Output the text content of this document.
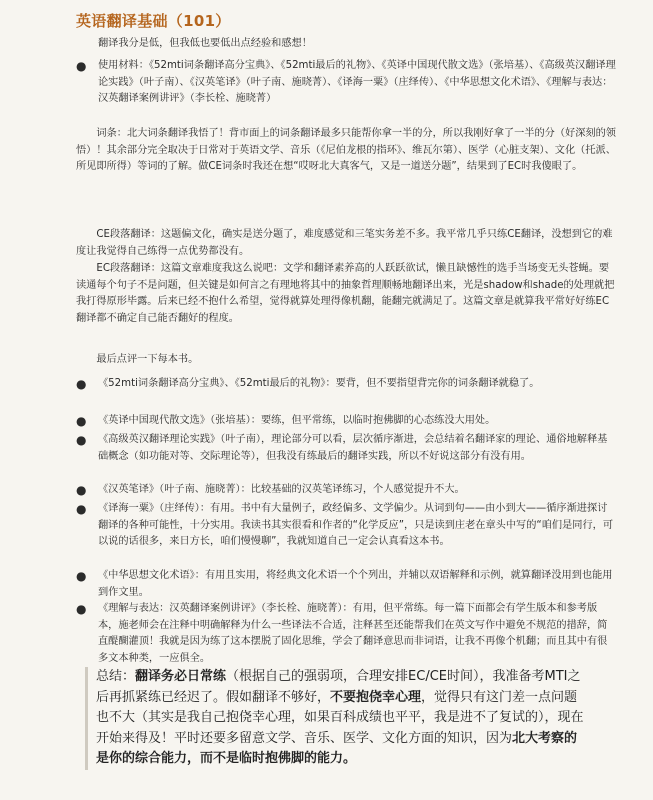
英语翻译基础（101）
翻译我分是低，但我低也要低出点经验和感想！
●	使用材料：《52mti词条翻译高分宝典》、《52mti最后的礼物》、《英译中国现代散文选》（张培基）、《高级英汉翻译理论实践》（叶子南）、《汉英笔译》（叶子南、施晓菁）、《译海一粟》（庄绎传）、《中华思想文化术语》、《理解与表达：汉英翻译案例讲评》（李长栓、施晓菁）
词条：北大词条翻译我悟了！背市面上的词条翻译最多只能帮你拿一半的分，所以我刚好拿了一半的分（好深刻的领悟）！其余部分完全取决于日常对于英语文学、音乐（《尼伯龙根的指环》、维瓦尔第）、医学（心脏支架）、文化（托派、所见即所得）等词的了解。做CE词条时我还在想“哎呀北大真客气，又是一道送分题”，结果到了EC时我傻眼了。
CE段落翻译：这题偏文化，确实是送分题了，难度感觉和三笔实务差不多。我平常几乎只练CE翻译，没想到它的难度让我觉得自己练得一点优势都没有。
EC段落翻译：这篇文章难度我这么说吧：文学和翻译素养高的人跃跃欲试，懒且缺憾性的选手当场变无头苍蝇。要读通每个句子不是问题，但关键是如何言之有理地将其中的抽象哲理顺畅地翻译出来，光是shadow和shade的处理就把我打得原形毕露。后来已经不抱什么希望，觉得就算处理得像机翻，能翻完就满足了。这篇文章是就算我平常好好练EC翻译都不确定自己能否翻好的程度。
最后点评一下每本书。
●	《52mti词条翻译高分宝典》、《52mti最后的礼物》：要背，但不要指望背完你的词条翻译就稳了。
●	《英译中国现代散文选》（张培基）：要练，但平常练，以临时抱佛脚的心态练没大用处。
●	《高级英汉翻译理论实践》（叶子南），理论部分可以看，层次循序渐进，会总结着名翻译家的理论、通俗地解释基础概念（如功能对等、交际理论等），但我没有练最后的翻译实践，所以不好说这部分有没有用。
●	《汉英笔译》（叶子南、施晓菁）：比较基础的汉英笔译练习，个人感觉提升不大。
●	《译海一粟》（庄绎传）：有用。书中有大量例子，政经偏多、文学偏少。从词到句——由小到大——循序渐进探讨翻译的各种可能性，十分实用。我读书其实很看和作者的“化学反应”，只是读到庄老在章头中写的“咱们是同行，可以说的话很多，来日方长，咱们慢慢聊”，我就知道自己一定会认真看这本书。
●	《中华思想文化术语》：有用且实用，将经典文化术语一个个列出，并辅以双语解释和示例，就算翻译没用到也能用到作文里。
●	《理解与表达：汉英翻译案例讲评》（李长栓、施晓菁）：有用，但平常练。每一篇下面都会有学生版本和参考版本，施老师会在注释中明确解释为什么一些译法不合适，注释甚至还能帮我们在英文写作中避免不规范的措辞，简直醍醐灌顶！我就是因为练了这本摆脱了固化思维，学会了翻译意思而非词语，让我不再像个机翻；而且其中有很多文本种类，一应俱全。
总结：翻译务必日常练（根据自己的强弱项，合理安排EC/CE时间），我准备考MTI之后再抓紧练已经迟了。假如翻译不够好，不要抱侥幸心理，觉得只有这门差一点问题也不大（其实是我自己抱侥幸心理，如果百科成绩也平平，我是进不了复试的），现在开始来得及！平时还要多留意文学、音乐、医学、文化方面的知识，因为北大考察的是你的综合能力，而不是临时抱佛脚的能力。
